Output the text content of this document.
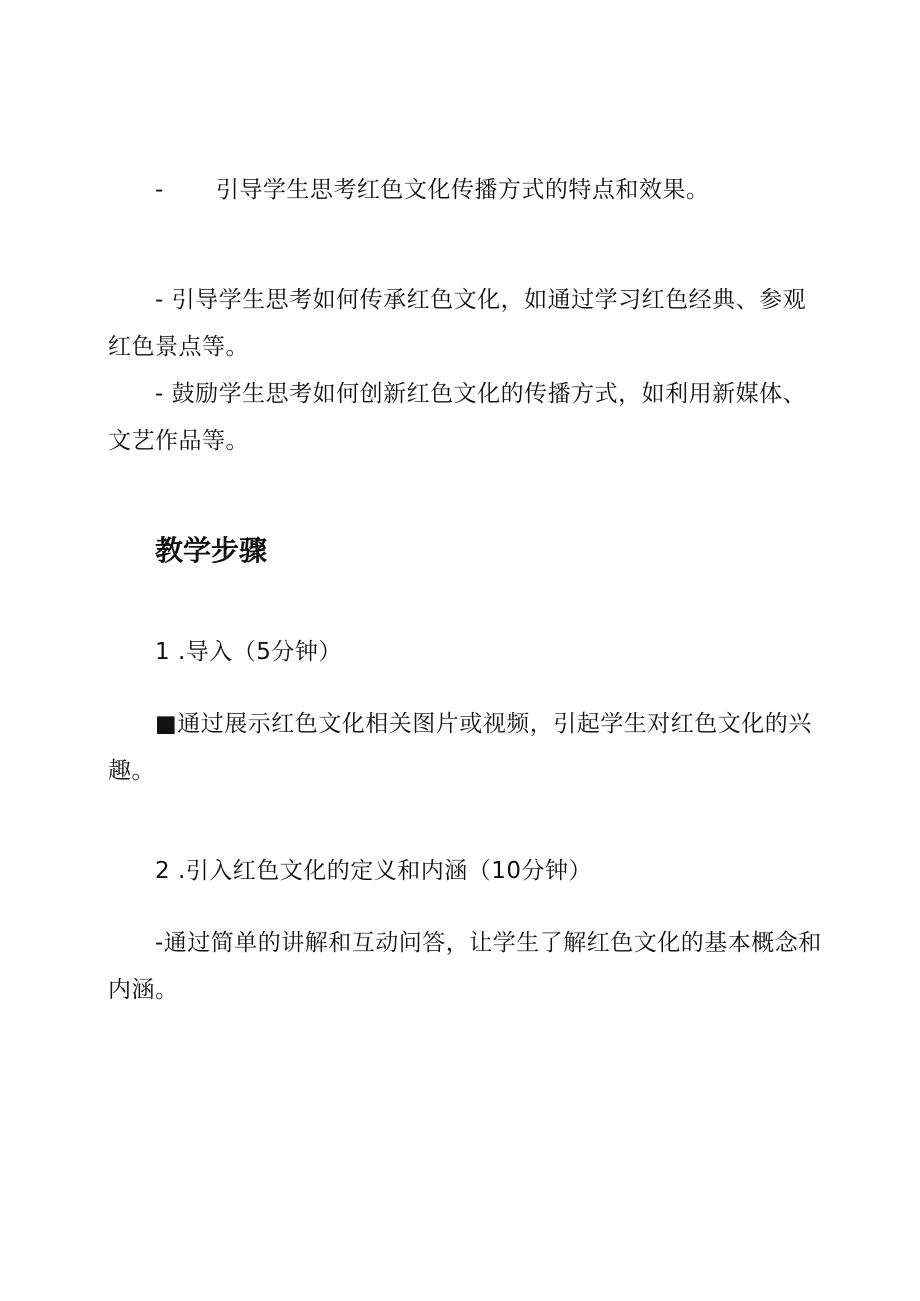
- 引导学生思考红色文化传播方式的特点和效果。
- 引导学生思考如何传承红色文化，如通过学习红色经典、参观
红色景点等。
- 鼓励学生思考如何创新红色文化的传播方式，如利用新媒体、
文艺作品等。
教学步骤
1 .导入（5分钟）
■通过展示红色文化相关图片或视频，引起学生对红色文化的兴
趣。
2 .引入红色文化的定义和内涵（10分钟）
-通过简单的讲解和互动问答，让学生了解红色文化的基本概念和
内涵。
